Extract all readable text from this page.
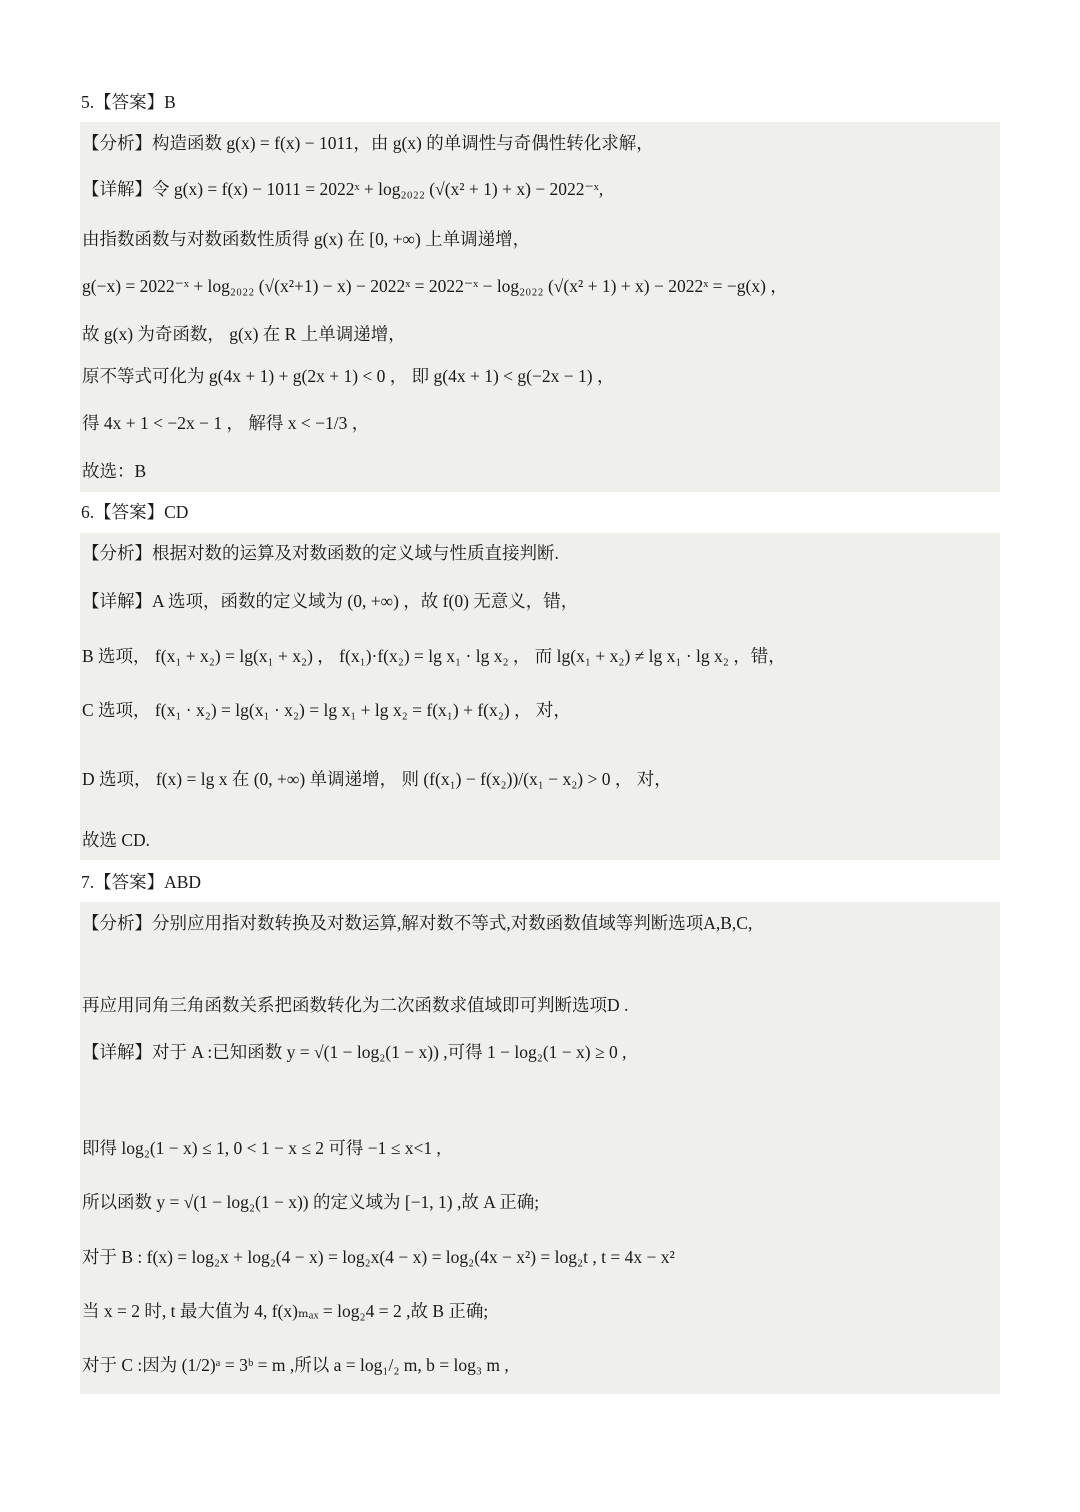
5.【答案】B
【分析】构造函数 g(x) = f(x) − 1011，由 g(x) 的单调性与奇偶性转化求解，
【详解】令 g(x) = f(x) − 1011 = 2022ˣ + log₂₀₂₂ (√(x² + 1) + x) − 2022⁻ˣ,
由指数函数与对数函数性质得 g(x) 在 [0, +∞) 上单调递增，
g(−x) = 2022⁻ˣ + log₂₀₂₂ (√(x²+1) − x) − 2022ˣ = 2022⁻ˣ − log₂₀₂₂ (√(x² + 1) + x) − 2022ˣ = −g(x) ，
故 g(x) 为奇函数， g(x) 在 R 上单调递增，
原不等式可化为 g(4x + 1) + g(2x + 1) < 0 ， 即 g(4x + 1) < g(−2x − 1) ，
得 4x + 1 < −2x − 1 ， 解得 x < −1/3 ，
故选：B
6.【答案】CD
【分析】根据对数的运算及对数函数的定义域与性质直接判断.
【详解】A 选项，函数的定义域为 (0, +∞) ，故 f(0) 无意义，错，
B 选项， f(x₁ + x₂) = lg(x₁ + x₂) ， f(x₁)·f(x₂) = lg x₁ · lg x₂ ， 而 lg(x₁ + x₂) ≠ lg x₁ · lg x₂ ，错，
C 选项， f(x₁ · x₂) = lg(x₁ · x₂) = lg x₁ + lg x₂ = f(x₁) + f(x₂) ， 对，
D 选项， f(x) = lg x 在 (0, +∞) 单调递增， 则 (f(x₁) − f(x₂))/(x₁ − x₂) > 0 ， 对，
故选 CD.
7.【答案】ABD
【分析】分别应用指对数转换及对数运算,解对数不等式,对数函数值域等判断选项A,B,C,
再应用同角三角函数关系把函数转化为二次函数求值域即可判断选项D .
【详解】对于 A :已知函数 y = √(1 − log₂(1 − x)) ,可得 1 − log₂(1 − x) ≥ 0 ,
即得 log₂(1 − x) ≤ 1, 0 < 1 − x ≤ 2 可得 −1 ≤ x<1 ,
所以函数 y = √(1 − log₂(1 − x)) 的定义域为 [−1, 1) ,故 A 正确;
对于 B : f(x) = log₂x + log₂(4 − x) = log₂x(4 − x) = log₂(4x − x²) = log₂t , t = 4x − x²
当 x = 2 时, t 最大值为 4, f(x)ₘₐₓ = log₂4 = 2 ,故 B 正确;
对于 C :因为 (1/2)ᵃ = 3ᵇ = m ,所以 a = log₁/₂ m, b = log₃ m ,
